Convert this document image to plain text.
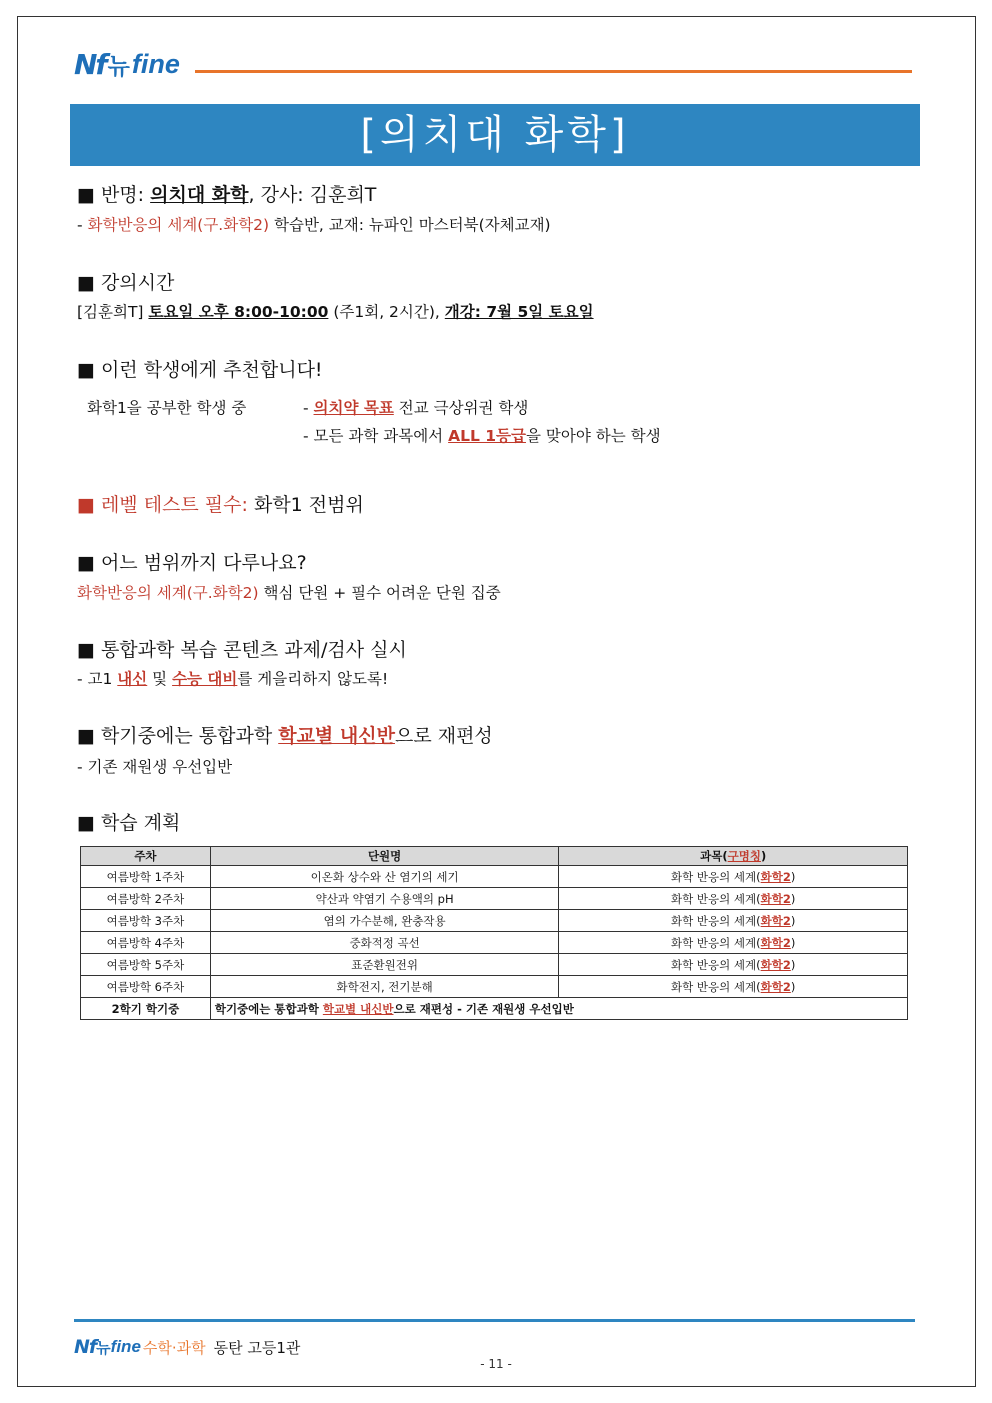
Nf 뉴 fine
[의치대 화학]
■ 반명: 의치대 화학, 강사: 김훈희T
- 화학반응의 세계(구.화학2) 학습반, 교재: 뉴파인 마스터북(자체교재)
■ 강의시간
[김훈희T] 토요일 오후 8:00-10:00 (주1회, 2시간), 개강: 7월 5일 토요일
■ 이런 학생에게 추천합니다!
화학1을 공부한 학생 중	- 의치약 목표 전교 극상위권 학생
- 모든 과학 과목에서 ALL 1등급을 맞아야 하는 학생
■ 레벨 테스트 필수: 화학1 전범위
■ 어느 범위까지 다루나요?
화학반응의 세계(구.화학2) 핵심 단원 + 필수 어려운 단원 집중
■ 통합과학 복습 콘텐츠 과제/검사 실시
- 고1 내신 및 수능 대비를 게을리하지 않도록!
■ 학기중에는 통합과학 학교별 내신반으로 재편성
- 기존 재원생 우선입반
■ 학습 계획
주차	단원명	과목(구명칭)
여름방학 1주차	이온화 상수와 산 염기의 세기	화학 반응의 세계(화학2)
여름방학 2주차	약산과 약염기 수용액의 pH	화학 반응의 세계(화학2)
여름방학 3주차	염의 가수분해, 완충작용	화학 반응의 세계(화학2)
여름방학 4주차	중화적정 곡선	화학 반응의 세계(화학2)
여름방학 5주차	표준환원전위	화학 반응의 세계(화학2)
여름방학 6주차	화학전지, 전기분해	화학 반응의 세계(화학2)
2학기 학기중	학기중에는 통합과학 학교별 내신반으로 재편성 - 기존 재원생 우선입반	
Nf 뉴 fine 수학·과학 동탄 고등1관
- 11 -
